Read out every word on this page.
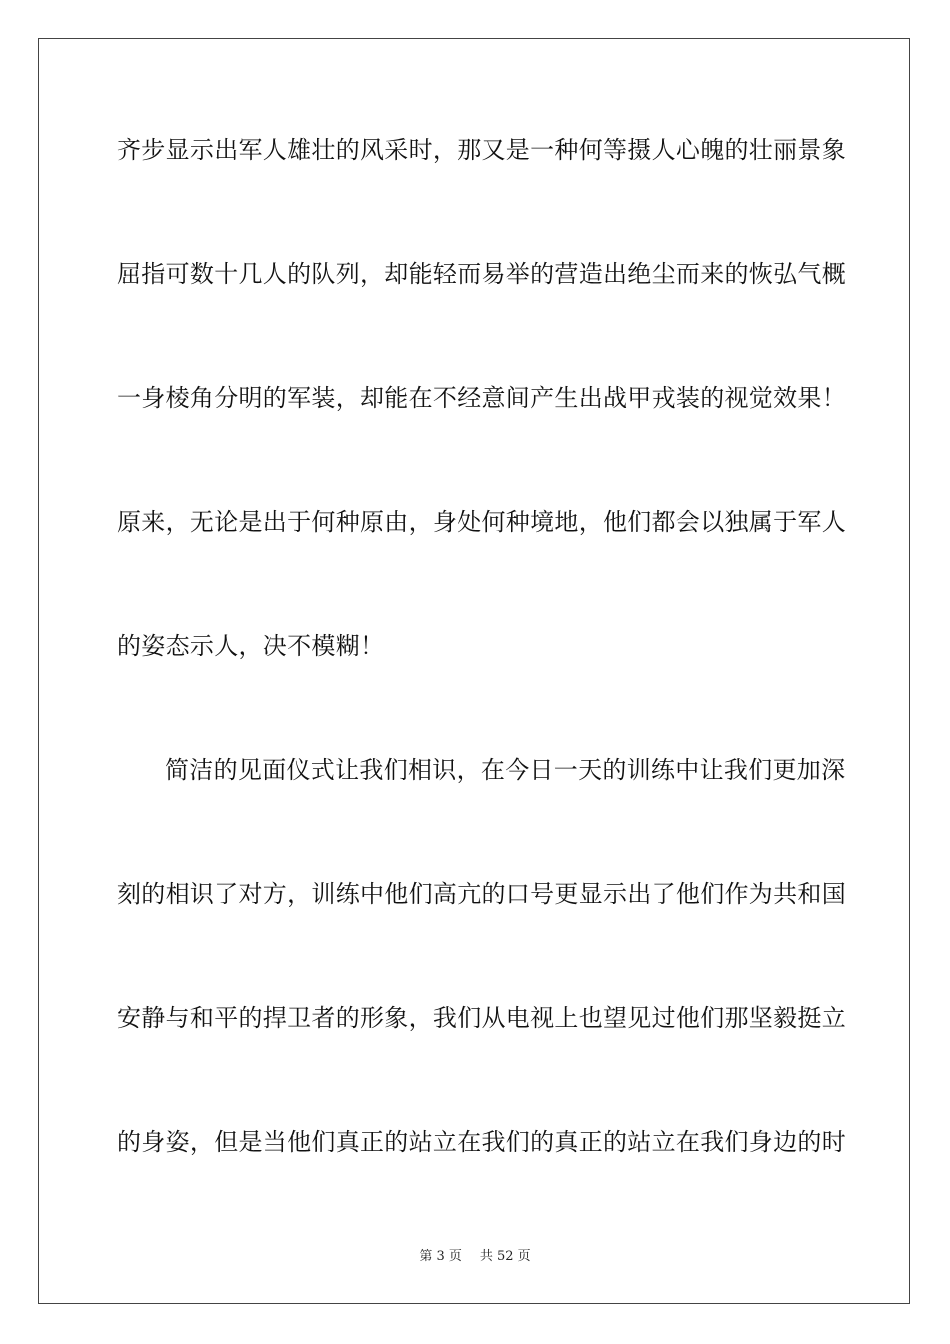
齐步显示出军人雄壮的风采时，那又是一种何等摄人心魄的壮丽景象
屈指可数十几人的队列，却能轻而易举的营造出绝尘而来的恢弘气概
一身棱角分明的军装，却能在不经意间产生出战甲戎装的视觉效果！
原来，无论是出于何种原由，身处何种境地，他们都会以独属于军人
的姿态示人，决不模糊！
简洁的见面仪式让我们相识，在今日一天的训练中让我们更加深
刻的相识了对方，训练中他们高亢的口号更显示出了他们作为共和国
安静与和平的捍卫者的形象，我们从电视上也望见过他们那坚毅挺立
的身姿，但是当他们真正的站立在我们的真正的站立在我们身边的时
第 3 页 共 52 页
